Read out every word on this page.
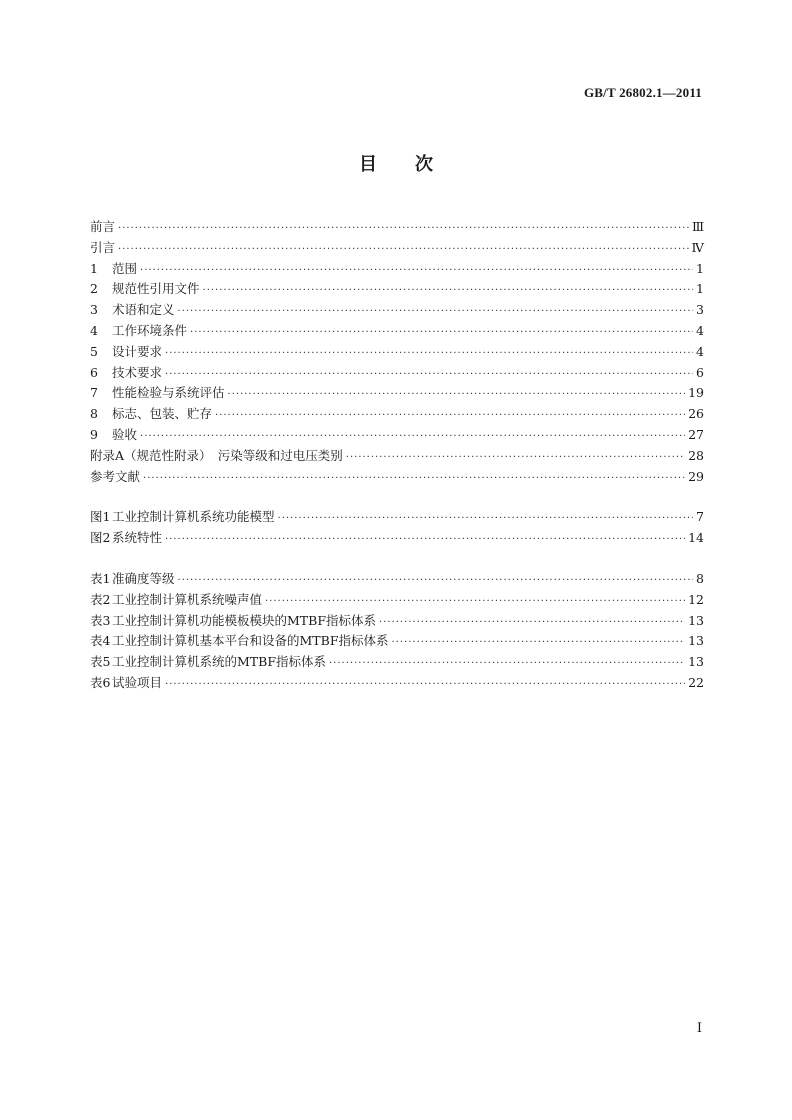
GB/T 26802.1—2011
目次
前言 ·····	Ⅲ
引言 ·····	Ⅳ
1	范围 ·····	1
2	规范性引用文件 ·····	1
3	术语和定义 ·····	3
4	工作环境条件 ·····	4
5	设计要求 ·····	4
6	技术要求 ·····	6
7	性能检验与系统评估 ·····	19
8	标志、包装、贮存 ·····	26
9	验收 ·····	27
附录A（规范性附录）　污染等级和过电压类别 ·····	28
参考文献 ·····	29
图1 工业控制计算机系统功能模型 ·····	7
图2 系统特性 ·····	14
表1 准确度等级 ·····	8
表2 工业控制计算机系统噪声值 ·····	12
表3 工业控制计算机功能模板模块的MTBF指标体系 ·····	13
表4 工业控制计算机基本平台和设备的MTBF指标体系 ·····	13
表5 工业控制计算机系统的MTBF指标体系 ·····	13
表6 试验项目 ·····	22
Ⅰ
